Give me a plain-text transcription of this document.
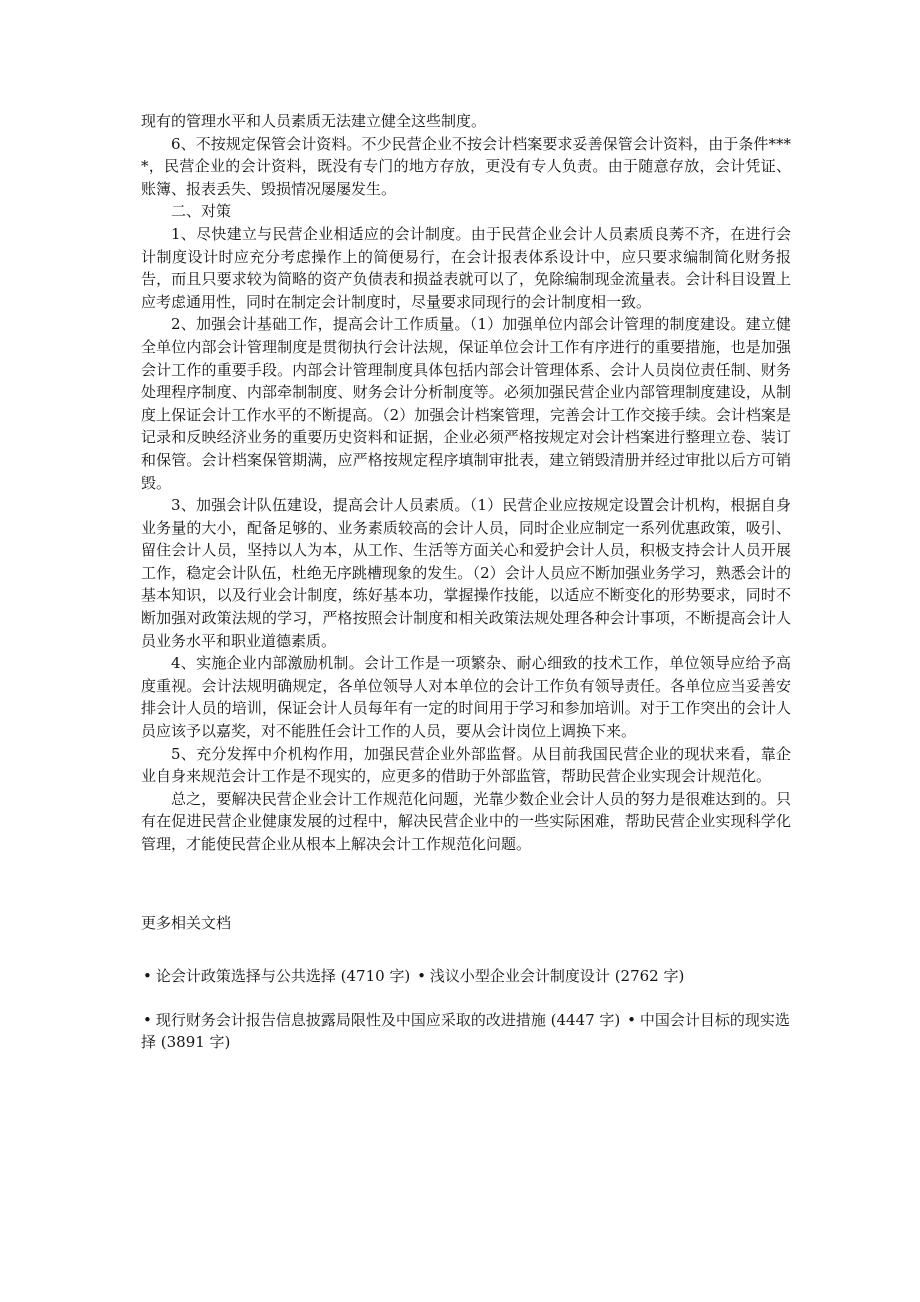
现有的管理水平和人员素质无法建立健全这些制度。

6、不按规定保管会计资料。不少民营企业不按会计档案要求妥善保管会计资料，由于条件****，民营企业的会计资料，既没有专门的地方存放，更没有专人负责。由于随意存放，会计凭证、账簿、报表丢失、毁损情况屡屡发生。

二、对策

1、尽快建立与民营企业相适应的会计制度。由于民营企业会计人员素质良莠不齐，在进行会计制度设计时应充分考虑操作上的简便易行，在会计报表体系设计中，应只要求编制简化财务报告，而且只要求较为简略的资产负债表和损益表就可以了，免除编制现金流量表。会计科目设置上应考虑通用性，同时在制定会计制度时，尽量要求同现行的会计制度相一致。

2、加强会计基础工作，提高会计工作质量。（1）加强单位内部会计管理的制度建设。建立健全单位内部会计管理制度是贯彻执行会计法规，保证单位会计工作有序进行的重要措施，也是加强会计工作的重要手段。内部会计管理制度具体包括内部会计管理体系、会计人员岗位责任制、财务处理程序制度、内部牵制制度、财务会计分析制度等。必须加强民营企业内部管理制度建设，从制度上保证会计工作水平的不断提高。（2）加强会计档案管理，完善会计工作交接手续。会计档案是记录和反映经济业务的重要历史资料和证据，企业必须严格按规定对会计档案进行整理立卷、装订和保管。会计档案保管期满，应严格按规定程序填制审批表，建立销毁清册并经过审批以后方可销毁。

3、加强会计队伍建设，提高会计人员素质。（1）民营企业应按规定设置会计机构，根据自身业务量的大小，配备足够的、业务素质较高的会计人员，同时企业应制定一系列优惠政策，吸引、留住会计人员，坚持以人为本，从工作、生活等方面关心和爱护会计人员，积极支持会计人员开展工作，稳定会计队伍，杜绝无序跳槽现象的发生。（2）会计人员应不断加强业务学习，熟悉会计的基本知识，以及行业会计制度，练好基本功，掌握操作技能，以适应不断变化的形势要求，同时不断加强对政策法规的学习，严格按照会计制度和相关政策法规处理各种会计事项，不断提高会计人员业务水平和职业道德素质。

4、实施企业内部激励机制。会计工作是一项繁杂、耐心细致的技术工作，单位领导应给予高度重视。会计法规明确规定，各单位领导人对本单位的会计工作负有领导责任。各单位应当妥善安排会计人员的培训，保证会计人员每年有一定的时间用于学习和参加培训。对于工作突出的会计人员应该予以嘉奖，对不能胜任会计工作的人员，要从会计岗位上调换下来。

5、充分发挥中介机构作用，加强民营企业外部监督。从目前我国民营企业的现状来看，靠企业自身来规范会计工作是不现实的，应更多的借助于外部监管，帮助民营企业实现会计规范化。

总之，要解决民营企业会计工作规范化问题，光靠少数企业会计人员的努力是很难达到的。只有在促进民营企业健康发展的过程中，解决民营企业中的一些实际困难，帮助民营企业实现科学化管理，才能使民营企业从根本上解决会计工作规范化问题。

更多相关文档

• 论会计政策选择与公共选择 (4710 字) • 浅议小型企业会计制度设计 (2762 字)

• 现行财务会计报告信息披露局限性及中国应采取的改进措施 (4447 字) • 中国会计目标的现实选择 (3891 字)
